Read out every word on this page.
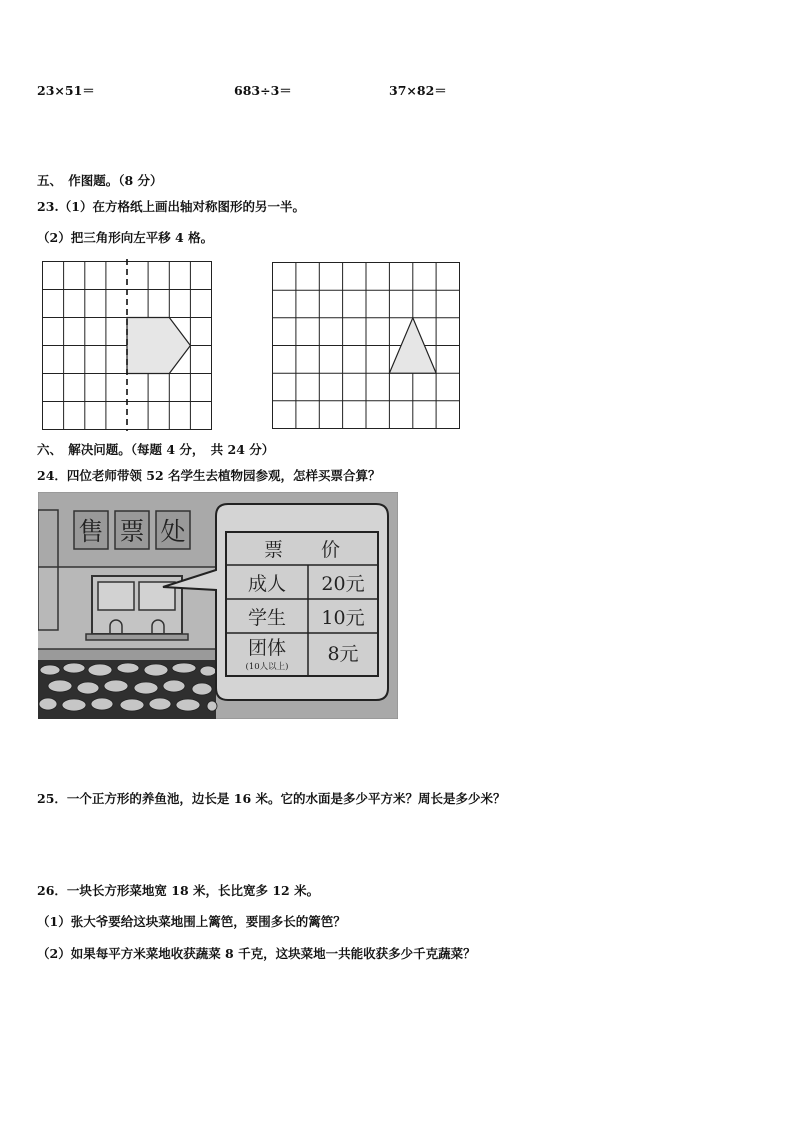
23×51＝	683÷3＝	37×82＝
五、　作图题。（8 分）
23.（1）在方格纸上画出轴对称图形的另一半。
（2）把三角形向左平移 4 格。
六、　解决问题。（每题 4 分，　共 24 分）
24．四位老师带领 52 名学生去植物园参观，怎样买票合算？
售 票 处
票　　价
成人 20元
学生 10元
团体
(10人以上)
8元
25．一个正方形的养鱼池，边长是 16 米。它的水面是多少平方米？周长是多少米？
26．一块长方形菜地宽 18 米，长比宽多 12 米。
（1）张大爷要给这块菜地围上篱笆，要围多长的篱笆？
（2）如果每平方米菜地收获蔬菜 8 千克，这块菜地一共能收获多少千克蔬菜？
